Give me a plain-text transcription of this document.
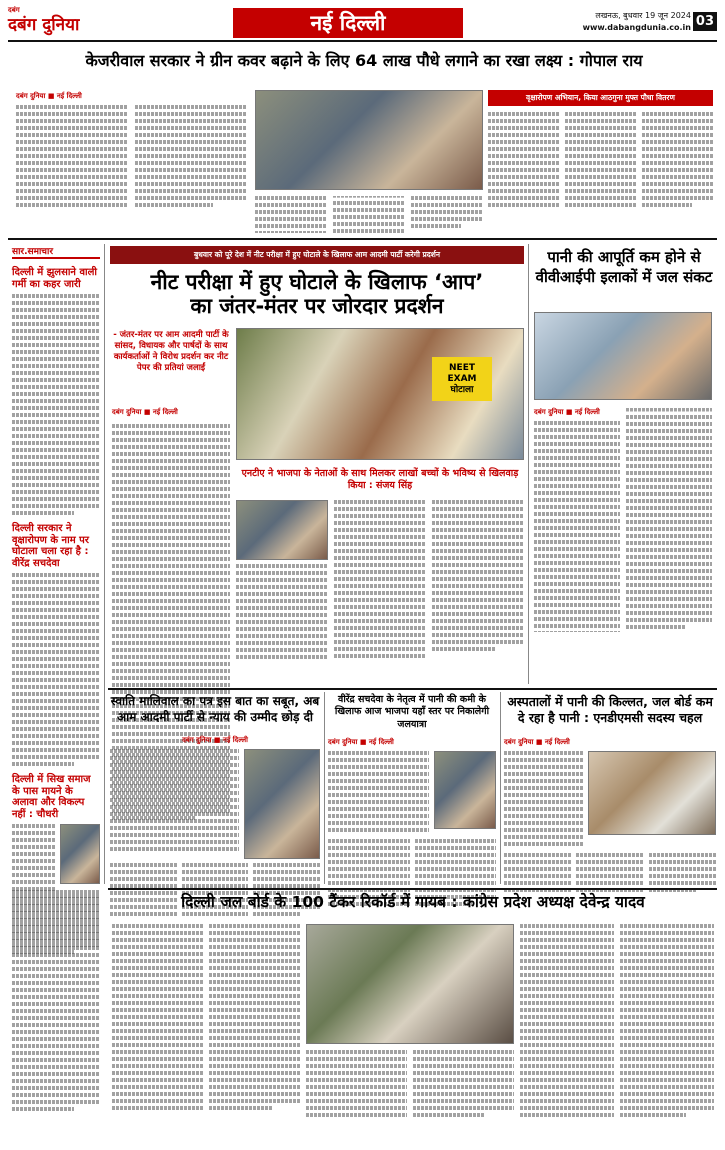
दबंग
दबंग दुनिया	नई दिल्ली	लखनऊ, बुधवार 19 जून 2024
www.dabangdunia.co.in 03
केजरीवाल सरकार ने ग्रीन कवर बढ़ाने के लिए 64 लाख पौधे लगाने का रखा लक्ष्य : गोपाल राय
दबंग दुनिया ■ नई दिल्ली	वृक्षारोपण अभियान, किया आठगुना मुफ्त पौधा वितरण
सार.समाचार
दिल्ली में झुलसाने वाली गर्मी का कहर जारी
दिल्ली सरकार ने वृक्षारोपण के नाम पर घोटाला चला रहा है : वीरेंद्र सचदेवा
दिल्ली में सिख समाज के पास मायने के अलावा और विकल्प नहीं : चौधरी
बुधवार को पूरे देश में नीट परीक्षा में हुए घोटाले के खिलाफ आम आदमी पार्टी करेगी प्रदर्शन
नीट परीक्षा में हुए घोटाले के खिलाफ ‘आप’
का जंतर-मंतर पर जोरदार प्रदर्शन
- जंतर-मंतर पर आम आदमी पार्टी के सांसद, विधायक और पार्षदों के साथ कार्यकर्ताओं ने विरोध प्रदर्शन कर नीट पेपर की प्रतियां जलाईं	NEET EXAM घोटाला
दबंग दुनिया ■ नई दिल्ली
एनटीए ने भाजपा के नेताओं के साथ मिलकर लाखों बच्चों के भविष्य से खिलवाड़ किया : संजय सिंह
पानी की आपूर्ति कम होने से वीवीआईपी इलाकों में जल संकट
दबंग दुनिया ■ नई दिल्ली
स्वाति मालिवाल का पत्र इस बात का सबूत, अब आम आदमी पार्टी से न्याय की उम्मीद छोड़ दी
दबंग दुनिया ■ नई दिल्ली
वीरेंद्र सचदेवा के नेतृत्व में पानी की कमी के खिलाफ आज भाजपा यहाँ स्तर पर निकालेगी जलयात्रा
दबंग दुनिया ■ नई दिल्ली
अस्पतालों में पानी की किल्लत, जल बोर्ड कम दे रहा है पानी : एनडीएमसी सदस्य चहल
दबंग दुनिया ■ नई दिल्ली
दिल्ली जल बोर्ड के 100 टैंकर रिकॉर्ड में गायब : कांग्रेस प्रदेश अध्यक्ष देवेन्द्र यादव
